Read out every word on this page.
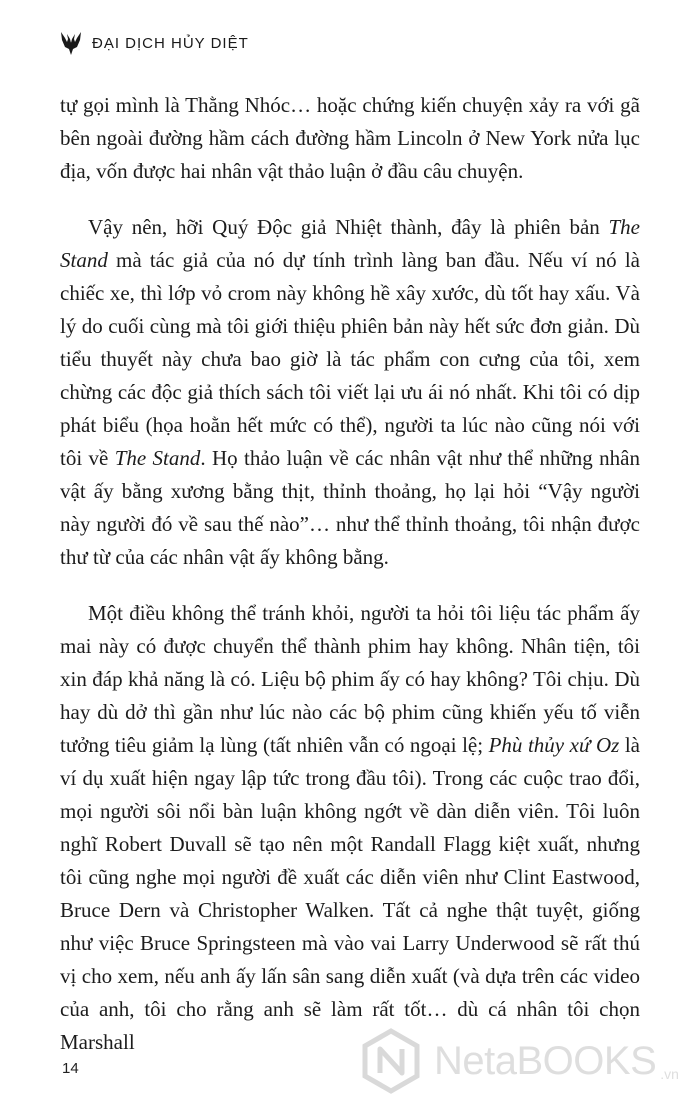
ĐẠI DỊCH HỦY DIỆT

tự gọi mình là Thằng Nhóc… hoặc chứng kiến chuyện xảy ra với gã bên ngoài đường hầm cách đường hầm Lincoln ở New York nửa lục địa, vốn được hai nhân vật thảo luận ở đầu câu chuyện.

Vậy nên, hỡi Quý Độc giả Nhiệt thành, đây là phiên bản The Stand mà tác giả của nó dự tính trình làng ban đầu. Nếu ví nó là chiếc xe, thì lớp vỏ crom này không hề xây xước, dù tốt hay xấu. Và lý do cuối cùng mà tôi giới thiệu phiên bản này hết sức đơn giản. Dù tiểu thuyết này chưa bao giờ là tác phẩm con cưng của tôi, xem chừng các độc giả thích sách tôi viết lại ưu ái nó nhất. Khi tôi có dịp phát biểu (họa hoằn hết mức có thể), người ta lúc nào cũng nói với tôi về The Stand. Họ thảo luận về các nhân vật như thể những nhân vật ấy bằng xương bằng thịt, thỉnh thoảng, họ lại hỏi “Vậy người này người đó về sau thế nào”… như thể thỉnh thoảng, tôi nhận được thư từ của các nhân vật ấy không bằng.

Một điều không thể tránh khỏi, người ta hỏi tôi liệu tác phẩm ấy mai này có được chuyển thể thành phim hay không. Nhân tiện, tôi xin đáp khả năng là có. Liệu bộ phim ấy có hay không? Tôi chịu. Dù hay dù dở thì gần như lúc nào các bộ phim cũng khiến yếu tố viễn tưởng tiêu giảm lạ lùng (tất nhiên vẫn có ngoại lệ; Phù thủy xứ Oz là ví dụ xuất hiện ngay lập tức trong đầu tôi). Trong các cuộc trao đổi, mọi người sôi nổi bàn luận không ngớt về dàn diễn viên. Tôi luôn nghĩ Robert Duvall sẽ tạo nên một Randall Flagg kiệt xuất, nhưng tôi cũng nghe mọi người đề xuất các diễn viên như Clint Eastwood, Bruce Dern và Christopher Walken. Tất cả nghe thật tuyệt, giống như việc Bruce Springsteen mà vào vai Larry Underwood sẽ rất thú vị cho xem, nếu anh ấy lấn sân sang diễn xuất (và dựa trên các video của anh, tôi cho rằng anh sẽ làm rất tốt… dù cá nhân tôi chọn Marshall

14	NetaBOOKS .vn
